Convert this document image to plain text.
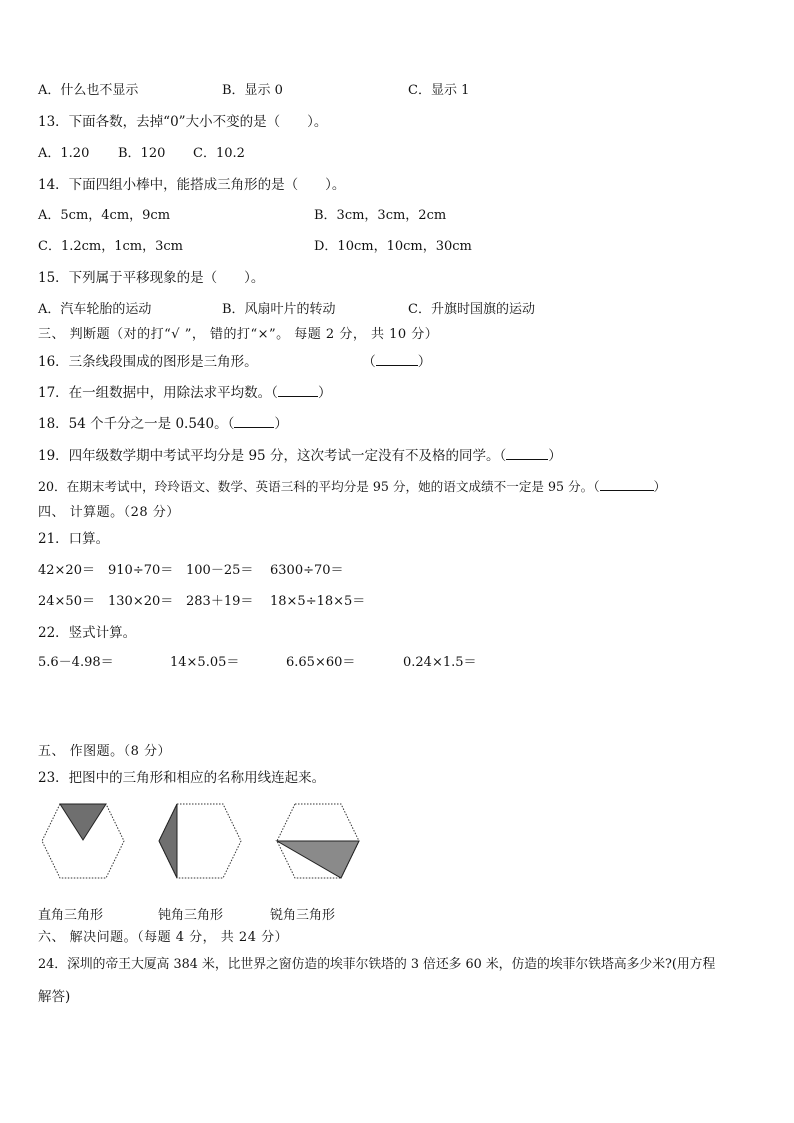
A．什么也不显示	B．显示 0	C．显示 1
13．下面各数，去掉“0”大小不变的是（　　）。
A．1.20 B．120 C．10.2
14．下面四组小棒中，能搭成三角形的是（　　）。
A．5cm，4cm，9cm	B．3cm，3cm，2cm
C．1.2cm，1cm，3cm	D．10cm，10cm，30cm
15．下列属于平移现象的是（　　）。
A．汽车轮胎的运动	B．风扇叶片的转动	C．升旗时国旗的运动
三、 判断题（对的打“√ ”， 错的打“×”。 每题 2 分， 共 10 分）
16．三条线段围成的图形是三角形。	（	）
17．在一组数据中，用除法求平均数。（	）
18．54 个千分之一是 0.540。（	）
19．四年级数学期中考试平均分是 95 分，这次考试一定没有不及格的同学。（	）
20．在期末考试中，玲玲语文、数学、英语三科的平均分是 95 分，她的语文成绩不一定是 95 分。（	）
四、 计算题。（28 分）
21．口算。
42×20＝ 910÷70＝ 100－25＝ 6300÷70＝
24×50＝ 130×20＝ 283＋19＝ 18×5÷18×5＝
22．竖式计算。
5.6－4.98＝	14×5.05＝	6.65×60＝	0.24×1.5＝
五、 作图题。（8 分）
23．把图中的三角形和相应的名称用线连起来。
直角三角形	钝角三角形	锐角三角形
六、 解决问题。（每题 4 分， 共 24 分）
24．深圳的帝王大厦高 384 米，比世界之窗仿造的埃菲尔铁塔的 3 倍还多 60 米，仿造的埃菲尔铁塔高多少米?(用方程
解答)
